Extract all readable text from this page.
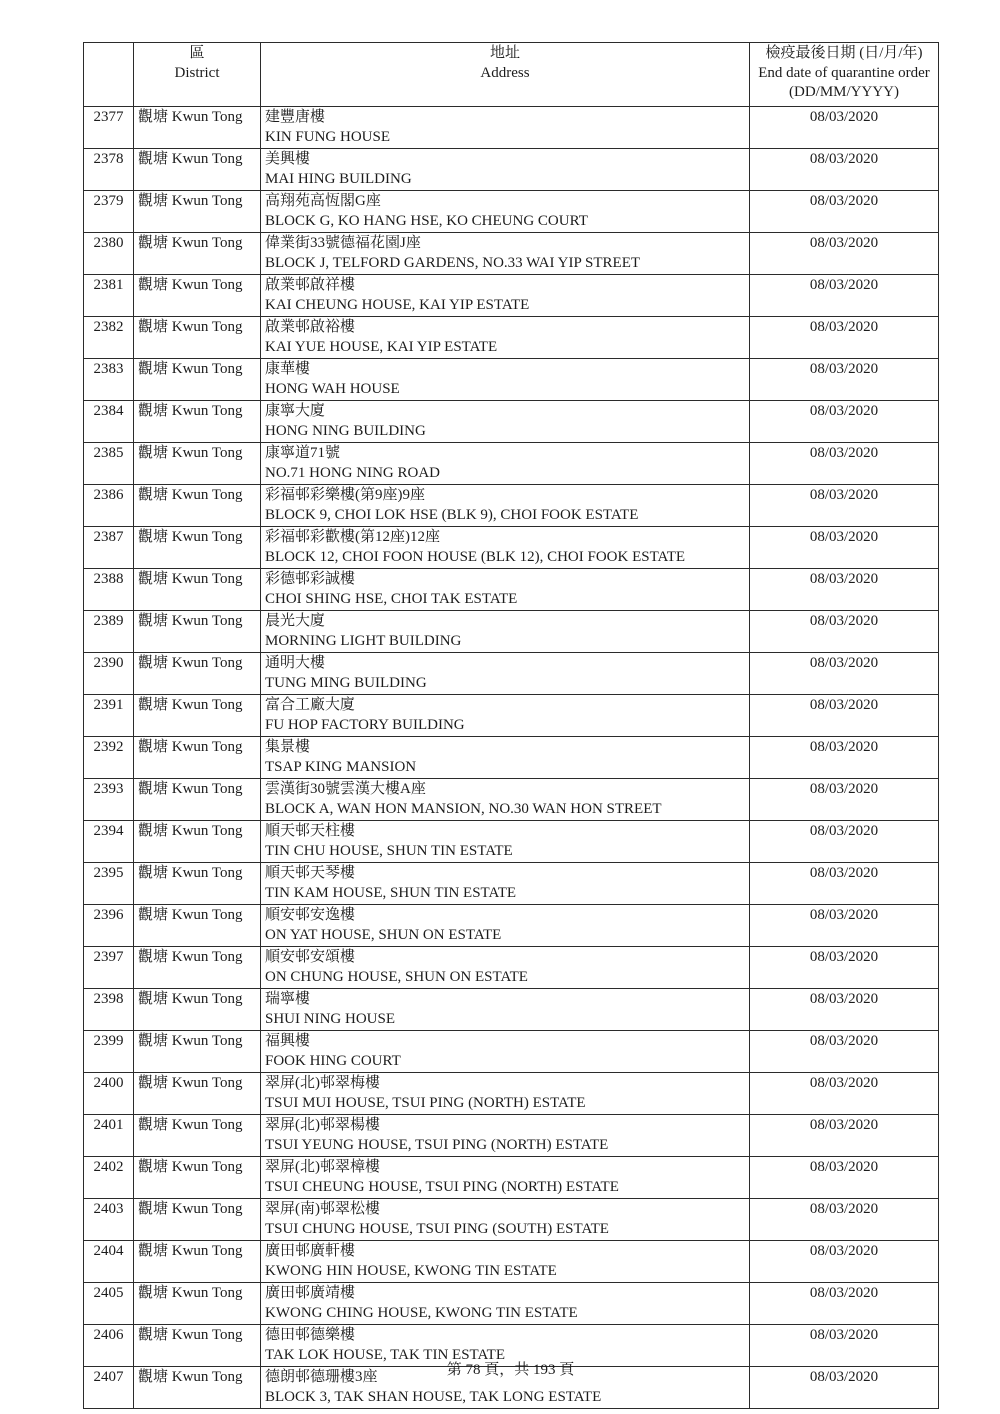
	區
District	地址
Address	檢疫最後日期 (日/月/年)
End date of quarantine order
(DD/MM/YYYY)

2377	觀塘 Kwun Tong	建豐唐樓
KIN FUNG HOUSE	08/03/2020
2378	觀塘 Kwun Tong	美興樓
MAI HING BUILDING	08/03/2020
2379	觀塘 Kwun Tong	高翔苑高恆閣G座
BLOCK G, KO HANG HSE, KO CHEUNG COURT	08/03/2020
2380	觀塘 Kwun Tong	偉業街33號德福花園J座
BLOCK J, TELFORD GARDENS, NO.33 WAI YIP STREET	08/03/2020
2381	觀塘 Kwun Tong	啟業邨啟祥樓
KAI CHEUNG HOUSE, KAI YIP ESTATE	08/03/2020
2382	觀塘 Kwun Tong	啟業邨啟裕樓
KAI YUE HOUSE, KAI YIP ESTATE	08/03/2020
2383	觀塘 Kwun Tong	康華樓
HONG WAH HOUSE	08/03/2020
2384	觀塘 Kwun Tong	康寧大廈
HONG NING BUILDING	08/03/2020
2385	觀塘 Kwun Tong	康寧道71號
NO.71 HONG NING ROAD	08/03/2020
2386	觀塘 Kwun Tong	彩福邨彩樂樓(第9座)9座
BLOCK 9, CHOI LOK HSE (BLK 9), CHOI FOOK ESTATE	08/03/2020
2387	觀塘 Kwun Tong	彩福邨彩歡樓(第12座)12座
BLOCK 12, CHOI FOON HOUSE (BLK 12), CHOI FOOK ESTATE	08/03/2020
2388	觀塘 Kwun Tong	彩德邨彩誠樓
CHOI SHING HSE, CHOI TAK ESTATE	08/03/2020
2389	觀塘 Kwun Tong	晨光大廈
MORNING LIGHT BUILDING	08/03/2020
2390	觀塘 Kwun Tong	通明大樓
TUNG MING BUILDING	08/03/2020
2391	觀塘 Kwun Tong	富合工廠大廈
FU HOP FACTORY BUILDING	08/03/2020
2392	觀塘 Kwun Tong	集景樓
TSAP KING MANSION	08/03/2020
2393	觀塘 Kwun Tong	雲漢街30號雲漢大樓A座
BLOCK A, WAN HON MANSION, NO.30 WAN HON STREET	08/03/2020
2394	觀塘 Kwun Tong	順天邨天柱樓
TIN CHU HOUSE, SHUN TIN ESTATE	08/03/2020
2395	觀塘 Kwun Tong	順天邨天琴樓
TIN KAM HOUSE, SHUN TIN ESTATE	08/03/2020
2396	觀塘 Kwun Tong	順安邨安逸樓
ON YAT HOUSE, SHUN ON ESTATE	08/03/2020
2397	觀塘 Kwun Tong	順安邨安頌樓
ON CHUNG HOUSE, SHUN ON ESTATE	08/03/2020
2398	觀塘 Kwun Tong	瑞寧樓
SHUI NING HOUSE	08/03/2020
2399	觀塘 Kwun Tong	福興樓
FOOK HING COURT	08/03/2020
2400	觀塘 Kwun Tong	翠屏(北)邨翠梅樓
TSUI MUI HOUSE, TSUI PING (NORTH) ESTATE	08/03/2020
2401	觀塘 Kwun Tong	翠屏(北)邨翠楊樓
TSUI YEUNG HOUSE, TSUI PING (NORTH) ESTATE	08/03/2020
2402	觀塘 Kwun Tong	翠屏(北)邨翠樟樓
TSUI CHEUNG HOUSE, TSUI PING (NORTH) ESTATE	08/03/2020
2403	觀塘 Kwun Tong	翠屏(南)邨翠松樓
TSUI CHUNG HOUSE, TSUI PING (SOUTH) ESTATE	08/03/2020
2404	觀塘 Kwun Tong	廣田邨廣軒樓
KWONG HIN HOUSE, KWONG TIN ESTATE	08/03/2020
2405	觀塘 Kwun Tong	廣田邨廣靖樓
KWONG CHING HOUSE, KWONG TIN ESTATE	08/03/2020
2406	觀塘 Kwun Tong	德田邨德樂樓
TAK LOK HOUSE, TAK TIN ESTATE	08/03/2020
2407	觀塘 Kwun Tong	德朗邨德珊樓3座
BLOCK 3, TAK SHAN HOUSE, TAK LONG ESTATE	08/03/2020
第 78 頁，共 193 頁
